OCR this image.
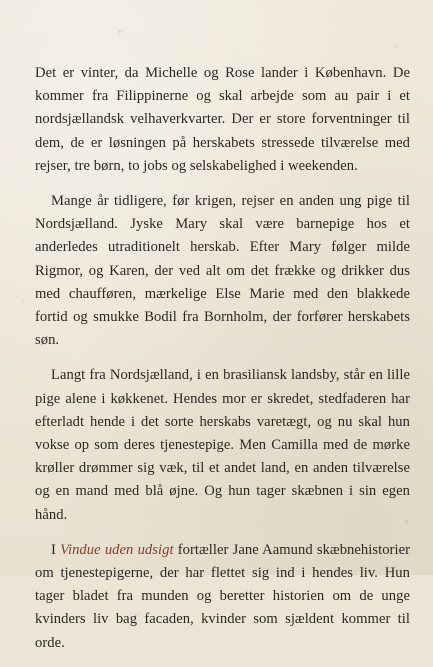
Det er vinter, da Michelle og Rose lander i København. De kommer fra Filippinerne og skal arbejde som au pair i et nordsjællandsk velhaverkvarter. Der er store forventninger til dem, de er løsningen på herskabets stressede tilværelse med rejser, tre børn, to jobs og selskabelighed i weekenden.

Mange år tidligere, før krigen, rejser en anden ung pige til Nordsjælland. Jyske Mary skal være barnepige hos et anderledes utraditionelt herskab. Efter Mary følger milde Rigmor, og Karen, der ved alt om det frække og drikker dus med chaufføren, mærkelige Else Marie med den blakkede fortid og smukke Bodil fra Bornholm, der forfører herskabets søn.

Langt fra Nordsjælland, i en brasiliansk landsby, står en lille pige alene i køkkenet. Hendes mor er skredet, stedfaderen har efterladt hende i det sorte herskabs varetægt, og nu skal hun vokse op som deres tjenestepige. Men Camilla med de mørke krøller drømmer sig væk, til et andet land, en anden tilværelse og en mand med blå øjne. Og hun tager skæbnen i sin egen hånd.

I Vindue uden udsigt fortæller Jane Aamund skæbnehistorier om tjenestepigerne, der har flettet sig ind i hendes liv. Hun tager bladet fra munden og beretter historien om de unge kvinders liv bag facaden, kvinder som sjældent kommer til orde.
